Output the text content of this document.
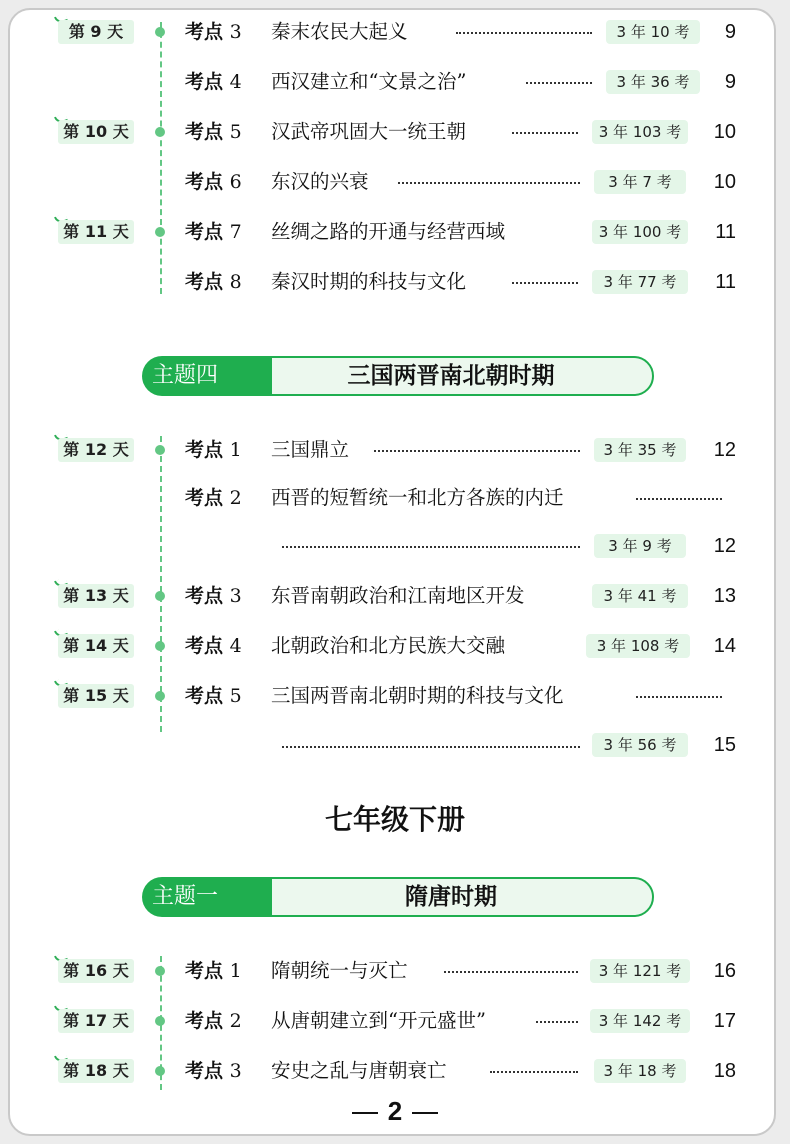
第 9 天	考点 3 秦末农民大起义	3 年 10 考	9
考点 4 西汉建立和“文景之治”	3 年 36 考	9
第 10 天	考点 5 汉武帝巩固大一统王朝	3 年 103 考	10
考点 6 东汉的兴衰	3 年 7 考	10
第 11 天	考点 7 丝绸之路的开通与经营西域	3 年 100 考	11
考点 8 秦汉时期的科技与文化	3 年 77 考	11
三国两晋南北朝时期
主题四
第 12 天	考点 1 三国鼎立	3 年 35 考	12
考点 2 西晋的短暂统一和北方各族的内迁
3 年 9 考	12
第 13 天	考点 3 东晋南朝政治和江南地区开发	3 年 41 考	13
第 14 天	考点 4 北朝政治和北方民族大交融	3 年 108 考	14
第 15 天	考点 5 三国两晋南北朝时期的科技与文化
3 年 56 考	15
七年级下册
隋唐时期
主题一
第 16 天	考点 1 隋朝统一与灭亡	3 年 121 考	16
第 17 天	考点 2 从唐朝建立到“开元盛世”	3 年 142 考	17
第 18 天	考点 3 安史之乱与唐朝衰亡	3 年 18 考	18
2
